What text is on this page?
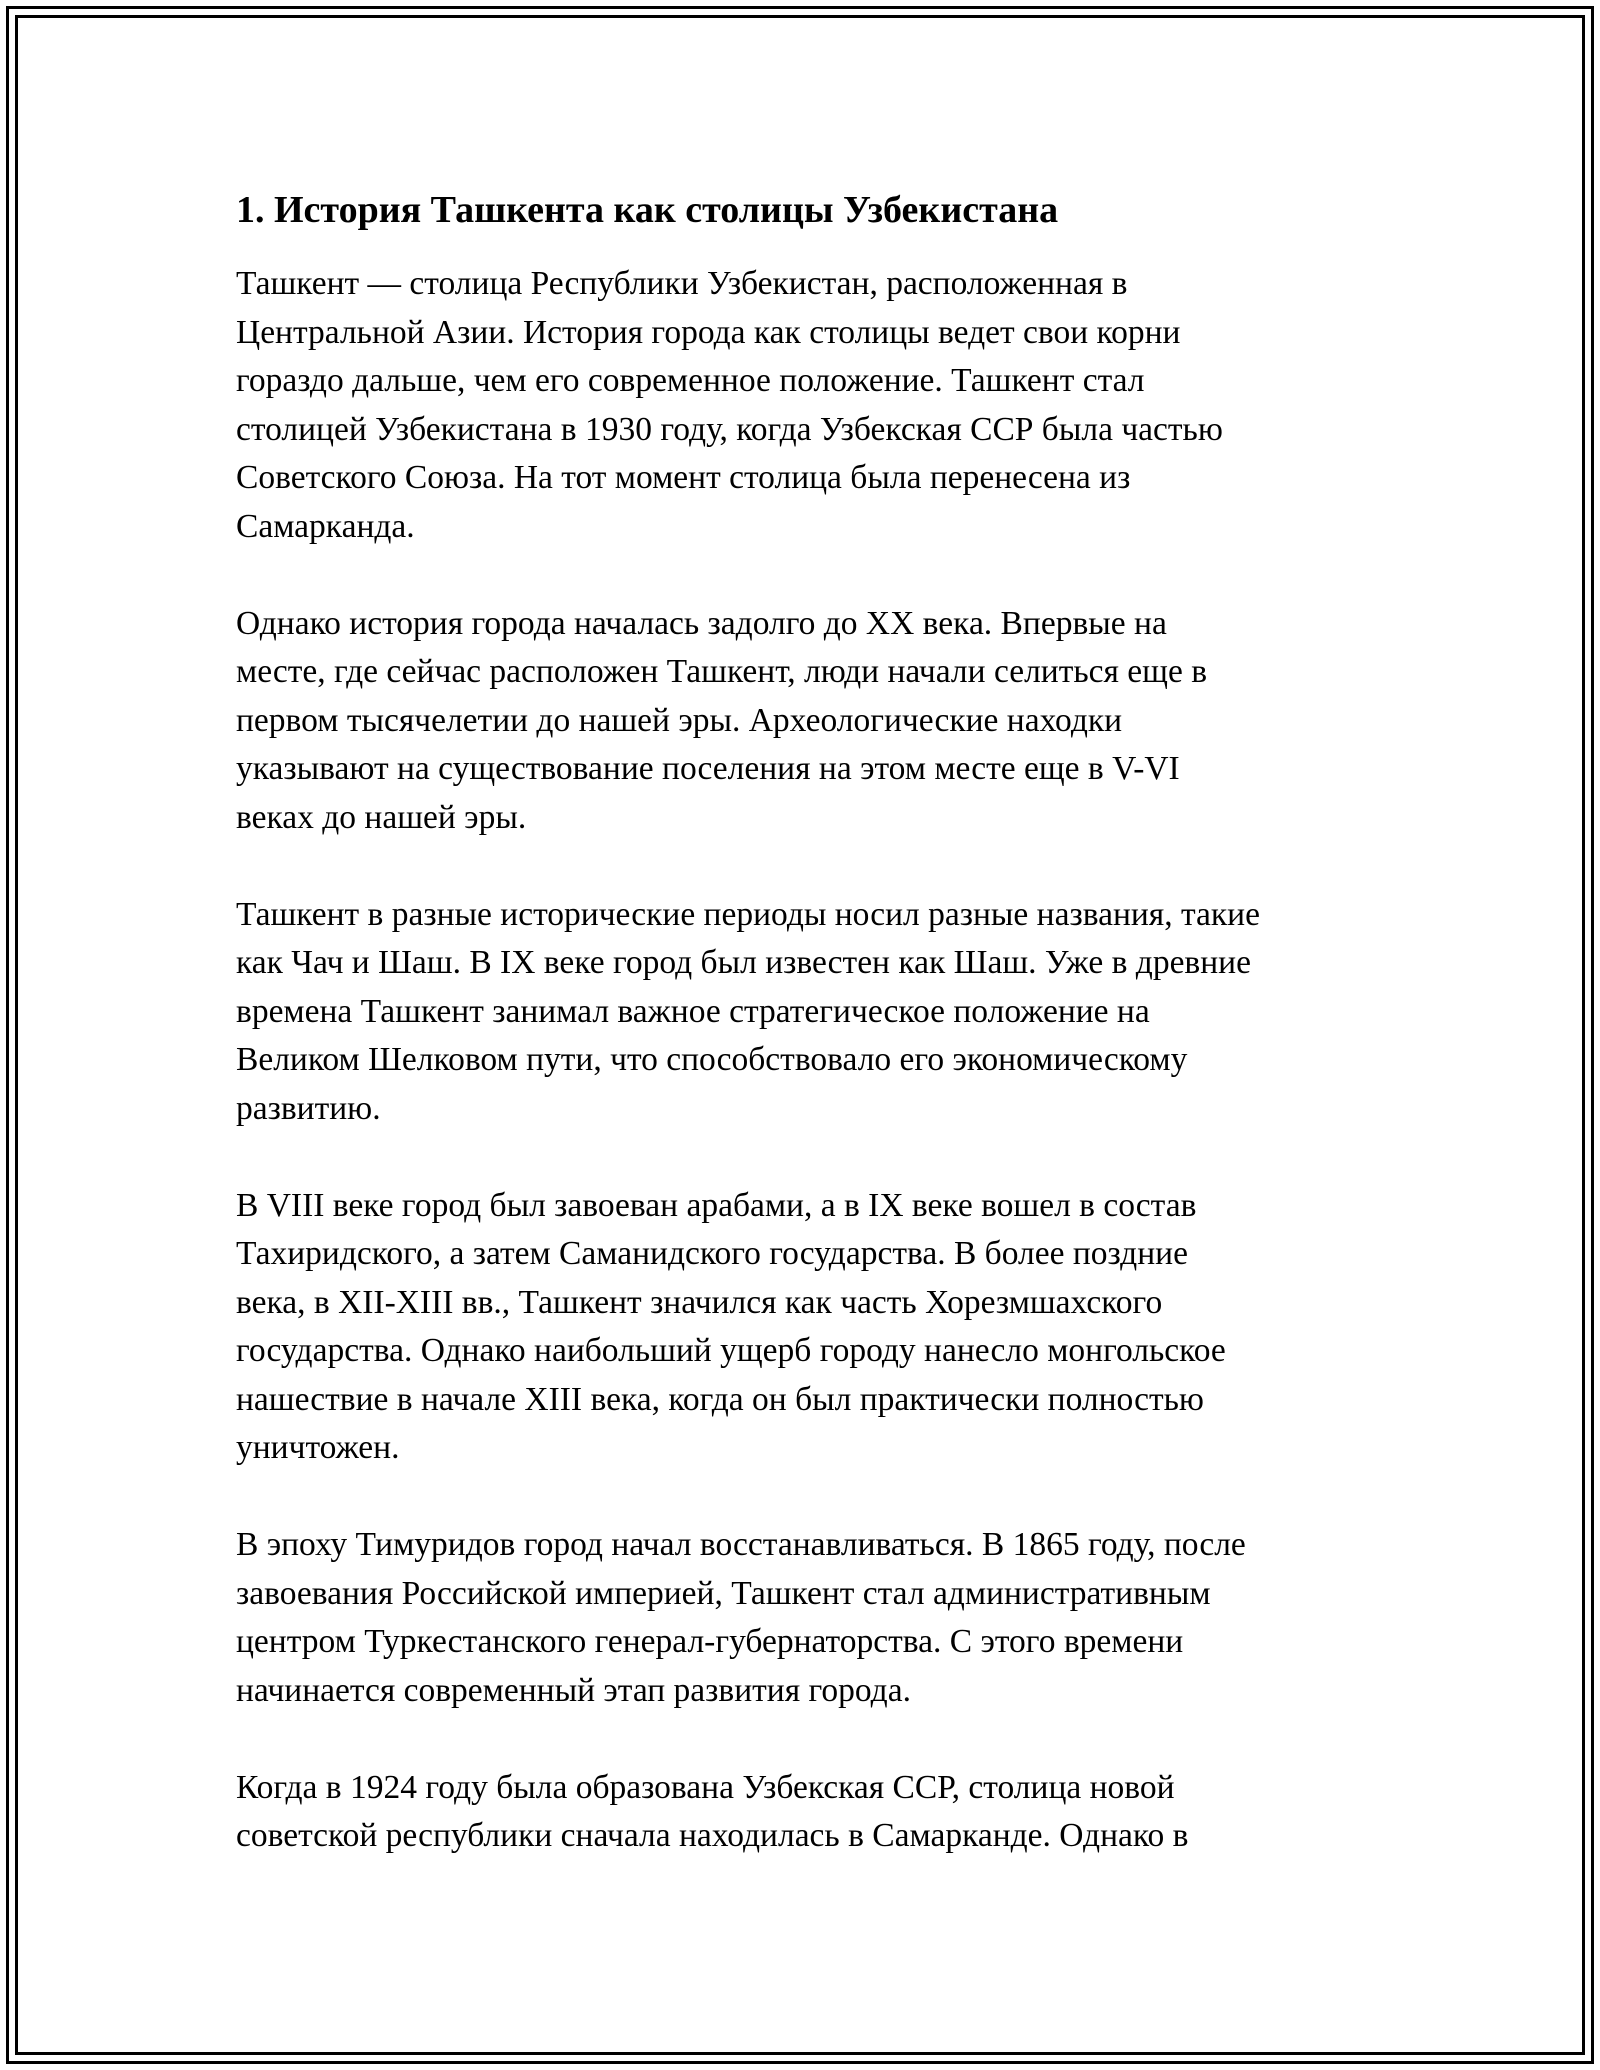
1. История Ташкента как столицы Узбекистана

Ташкент — столица Республики Узбекистан, расположенная в
Центральной Азии. История города как столицы ведет свои корни
гораздо дальше, чем его современное положение. Ташкент стал
столицей Узбекистана в 1930 году, когда Узбекская ССР была частью
Советского Союза. На тот момент столица была перенесена из
Самарканда.

Однако история города началась задолго до XX века. Впервые на
месте, где сейчас расположен Ташкент, люди начали селиться еще в
первом тысячелетии до нашей эры. Археологические находки
указывают на существование поселения на этом месте еще в V-VI
веках до нашей эры.

Ташкент в разные исторические периоды носил разные названия, такие
как Чач и Шаш. В IX веке город был известен как Шаш. Уже в древние
времена Ташкент занимал важное стратегическое положение на
Великом Шелковом пути, что способствовало его экономическому
развитию.

В VIII веке город был завоеван арабами, а в IX веке вошел в состав
Тахиридского, а затем Саманидского государства. В более поздние
века, в XII-XIII вв., Ташкент значился как часть Хорезмшахского
государства. Однако наибольший ущерб городу нанесло монгольское
нашествие в начале XIII века, когда он был практически полностью
уничтожен.

В эпоху Тимуридов город начал восстанавливаться. В 1865 году, после
завоевания Российской империей, Ташкент стал административным
центром Туркестанского генерал-губернаторства. С этого времени
начинается современный этап развития города.

Когда в 1924 году была образована Узбекская ССР, столица новой
советской республики сначала находилась в Самарканде. Однако в
